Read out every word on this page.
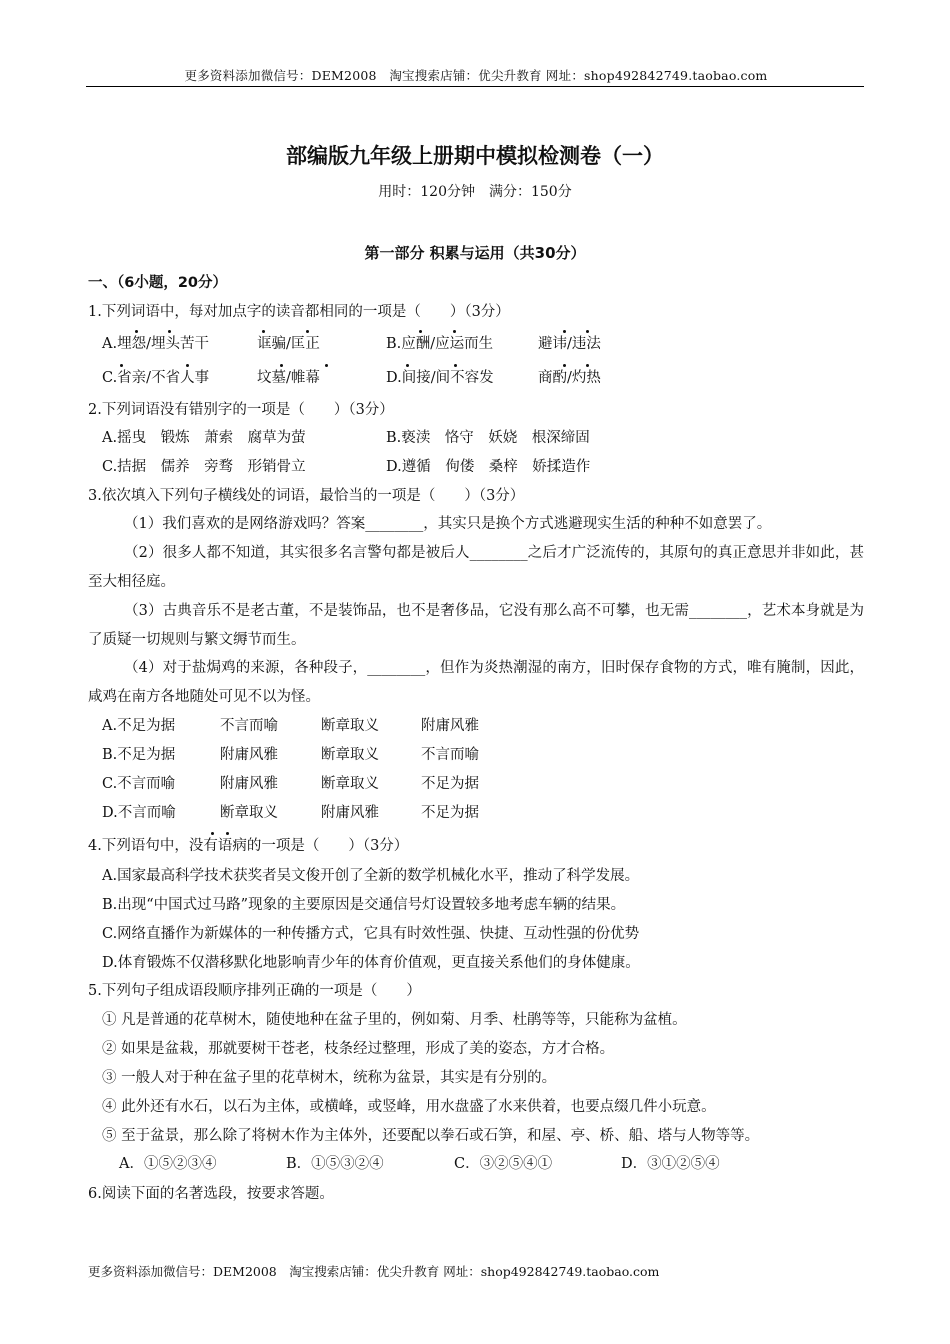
更多资料添加微信号：DEM2008　淘宝搜索店铺：优尖升教育 网址：shop492842749.taobao.com
部编版九年级上册期中模拟检测卷（一）
用时：120分钟　满分：150分
第一部分 积累与运用（共30分）
一、（6小题，20分）
1.下列词语中，每对加点字的读音都相同的一项是（　　）（3分）
A.埋怨/埋头苦干	诓骗/匡正	B.应酬/应运而生	避讳/违法
C.省亲/不省人事	坟墓/帷幕	D.间接/间不容发	商酌/灼热
2.下列词语没有错别字的一项是（　　）（3分）
A.摇曳　锻炼　萧索　腐草为萤	B.亵渎　恪守　妖娆　根深缔固
C.拮据　儒养　旁骛　形销骨立	D.遵循　佝偻　桑梓　娇揉造作
3.依次填入下列句子横线处的词语，最恰当的一项是（　　）（3分）
（1）我们喜欢的是网络游戏吗？答案________，其实只是换个方式逃避现实生活的种种不如意罢了。
（2）很多人都不知道，其实很多名言警句都是被后人________之后才广泛流传的，其原句的真正意思并非如此，甚至大相径庭。
（3）古典音乐不是老古董，不是装饰品，也不是奢侈品，它没有那么高不可攀，也无需________，艺术本身就是为了质疑一切规则与繁文缛节而生。
（4）对于盐焗鸡的来源，各种段子，________，但作为炎热潮湿的南方，旧时保存食物的方式，唯有腌制，因此，咸鸡在南方各地随处可见不以为怪。
A.不足为据	不言而喻	断章取义	附庸风雅
B.不足为据	附庸风雅	断章取义	不言而喻
C.不言而喻	附庸风雅	断章取义	不足为据
D.不言而喻	断章取义	附庸风雅	不足为据
4.下列语句中，没有语病的一项是（　　）（3分）
A.国家最高科学技术获奖者吴文俊开创了全新的数学机械化水平，推动了科学发展。
B.出现“中国式过马路”现象的主要原因是交通信号灯设置较多地考虑车辆的结果。
C.网络直播作为新媒体的一种传播方式，它具有时效性强、快捷、互动性强的份优势
D.体育锻炼不仅潜移默化地影响青少年的体育价值观，更直接关系他们的身体健康。
5.下列句子组成语段顺序排列正确的一项是（　　）
① 凡是普通的花草树木，随使地种在盆子里的，例如菊、月季、杜鹃等等，只能称为盆植。
② 如果是盆栽，那就要树干苍老，枝条经过整理，形成了美的姿态，方才合格。
③ 一般人对于种在盆子里的花草树木，统称为盆景，其实是有分别的。
④ 此外还有水石，以石为主体，或横峰，或竖峰，用水盘盛了水来供着，也要点缀几件小玩意。
⑤ 至于盆景，那么除了将树木作为主体外，还要配以拳石或石笋，和屋、亭、桥、船、塔与人物等等。
A．①⑤②③④	B．①⑤③②④	C．③②⑤④①	D．③①②⑤④
6.阅读下面的名著选段，按要求答题。
更多资料添加微信号：DEM2008　淘宝搜索店铺：优尖升教育 网址：shop492842749.taobao.com
